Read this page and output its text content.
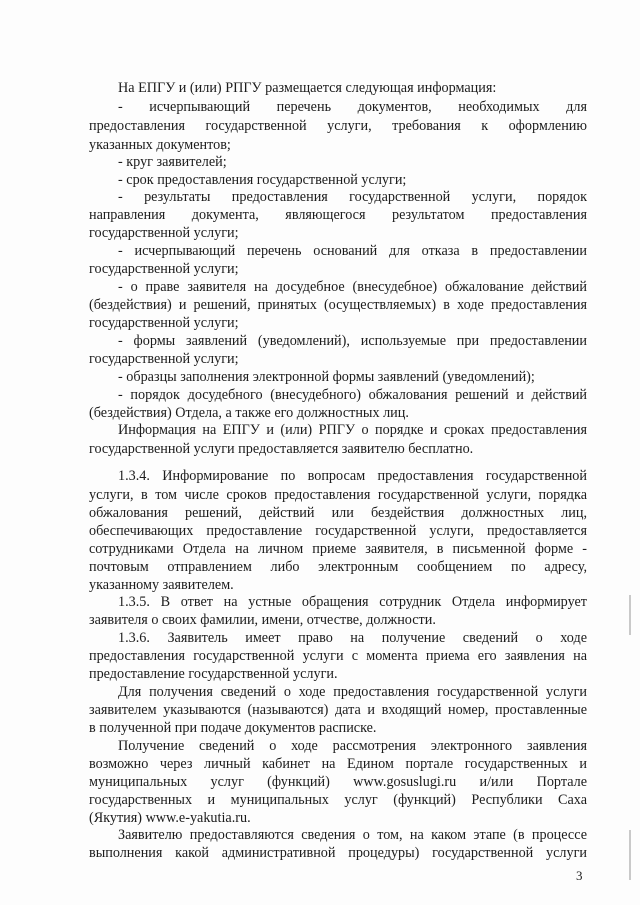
На ЕПГУ и (или) РПГУ размещается следующая информация:
- исчерпывающий перечень документов, необходимых для
предоставления государственной услуги, требования к оформлению
указанных документов;
- круг заявителей;
- срок предоставления государственной услуги;
- результаты предоставления государственной услуги, порядок
направления документа, являющегося результатом предоставления
государственной услуги;
- исчерпывающий перечень оснований для отказа в предоставлении
государственной услуги;
- о праве заявителя на досудебное (внесудебное) обжалование действий
(бездействия) и решений, принятых (осуществляемых) в ходе предоставления
государственной услуги;
- формы заявлений (уведомлений), используемые при предоставлении
государственной услуги;
- образцы заполнения электронной формы заявлений (уведомлений);
- порядок досудебного (внесудебного) обжалования решений и действий
(бездействия) Отдела, а также его должностных лиц.
Информация на ЕПГУ и (или) РПГУ о порядке и сроках предоставления
государственной услуги предоставляется заявителю бесплатно.
1.3.4. Информирование по вопросам предоставления государственной
услуги, в том числе сроков предоставления государственной услуги, порядка
обжалования решений, действий или бездействия должностных лиц,
обеспечивающих предоставление государственной услуги, предоставляется
сотрудниками Отдела на личном приеме заявителя, в письменной форме -
почтовым отправлением либо электронным сообщением по адресу,
указанному заявителем.
1.3.5. В ответ на устные обращения сотрудник Отдела информирует
заявителя о своих фамилии, имени, отчестве, должности.
1.3.6. Заявитель имеет право на получение сведений о ходе
предоставления государственной услуги с момента приема его заявления на
предоставление государственной услуги.
Для получения сведений о ходе предоставления государственной услуги
заявителем указываются (называются) дата и входящий номер, проставленные
в полученной при подаче документов расписке.
Получение сведений о ходе рассмотрения электронного заявления
возможно через личный кабинет на Едином портале государственных и
муниципальных услуг (функций) www.gosuslugi.ru и/или Портале
государственных и муниципальных услуг (функций) Республики Саха
(Якутия) www.e-yakutia.ru.
Заявителю предоставляются сведения о том, на каком этапе (в процессе
выполнения какой административной процедуры) государственной услуги
3
